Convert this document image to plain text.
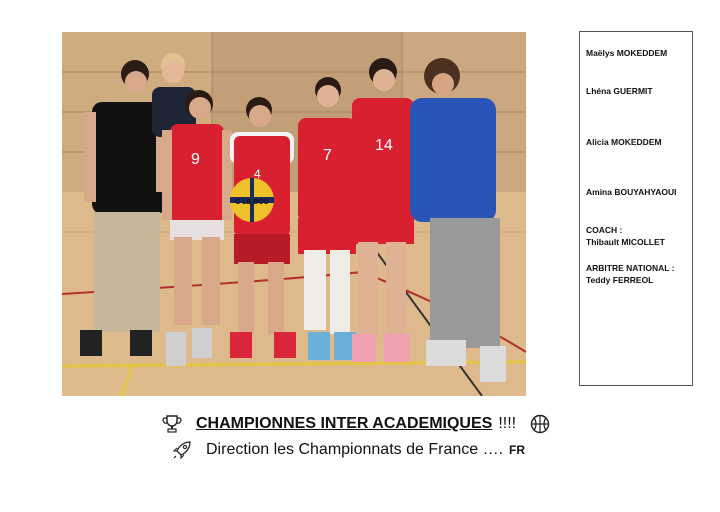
C LE BOU
9
4
7
14
Maëlys MOKEDDEM
Lhéna GUERMIT
Alicia MOKEDDEM
Amina BOUYAHYAOUI
COACH :
Thibault MICOLLET
ARBITRE NATIONAL :
Teddy FERREOL
CHAMPIONNES INTER ACADEMIQUES !!!!
Direction les Championnats de France …. FR
